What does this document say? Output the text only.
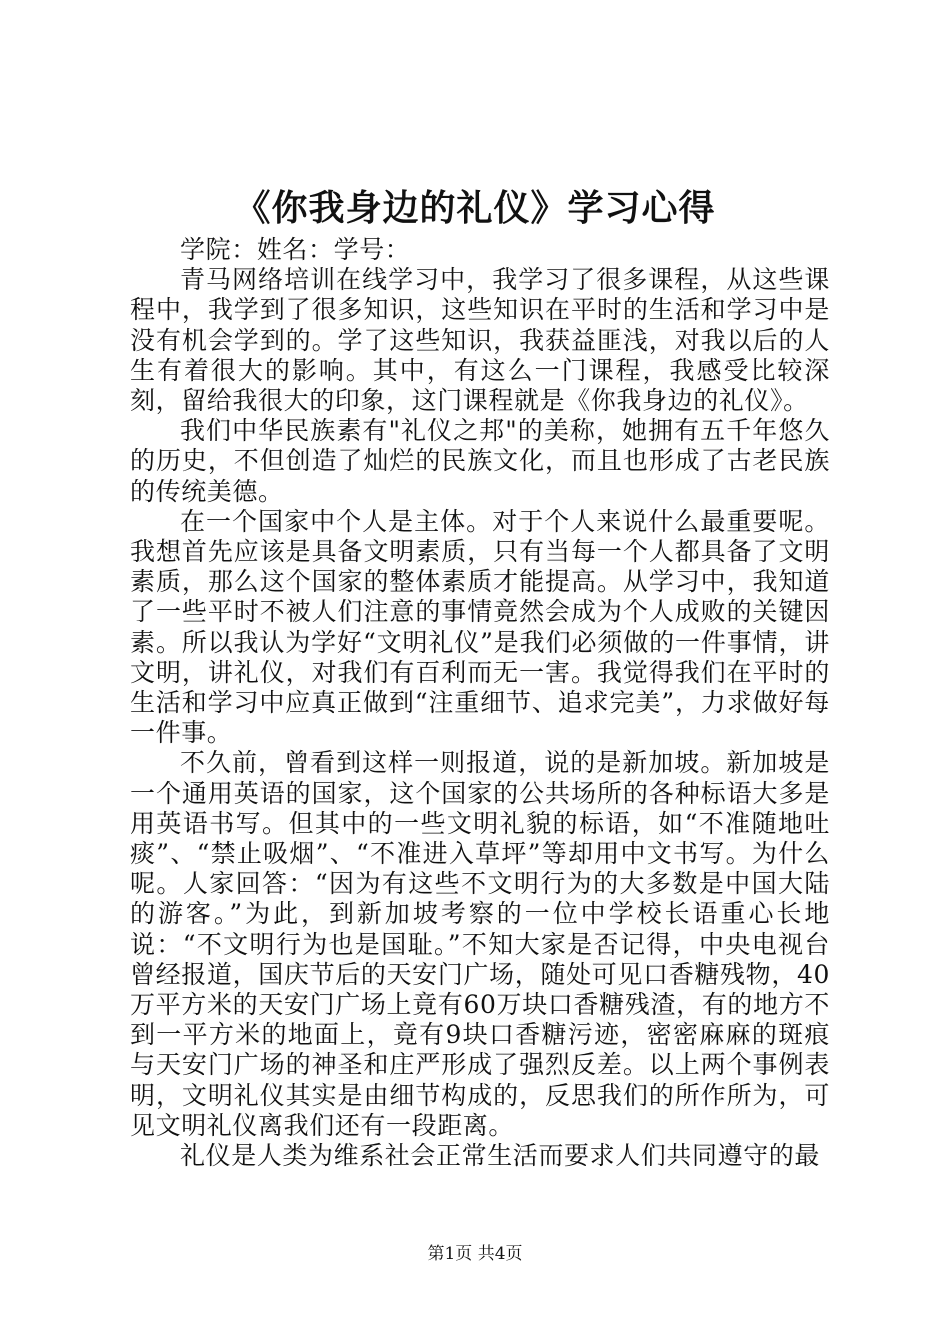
《你我身边的礼仪》学习心得

学院：姓名：学号：

青马网络培训在线学习中，我学习了很多课程，从这些课程中，我学到了很多知识，这些知识在平时的生活和学习中是没有机会学到的。学了这些知识，我获益匪浅，对我以后的人生有着很大的影响。其中，有这么一门课程，我感受比较深刻，留给我很大的印象，这门课程就是《你我身边的礼仪》。

我们中华民族素有"礼仪之邦"的美称，她拥有五千年悠久的历史，不但创造了灿烂的民族文化，而且也形成了古老民族的传统美德。

在一个国家中个人是主体。对于个人来说什么最重要呢。我想首先应该是具备文明素质，只有当每一个人都具备了文明素质，那么这个国家的整体素质才能提高。从学习中，我知道了一些平时不被人们注意的事情竟然会成为个人成败的关键因素。所以我认为学好“文明礼仪”是我们必须做的一件事情，讲文明，讲礼仪，对我们有百利而无一害。我觉得我们在平时的生活和学习中应真正做到“注重细节、追求完美”，力求做好每一件事。

不久前，曾看到这样一则报道，说的是新加坡。新加坡是一个通用英语的国家，这个国家的公共场所的各种标语大多是用英语书写。但其中的一些文明礼貌的标语，如“不准随地吐痰”、“禁止吸烟”、“不准进入草坪”等却用中文书写。为什么呢。人家回答：“因为有这些不文明行为的大多数是中国大陆的游客。”为此，到新加坡考察的一位中学校长语重心长地说：“不文明行为也是国耻。”不知大家是否记得，中央电视台曾经报道，国庆节后的天安门广场，随处可见口香糖残物，40万平方米的天安门广场上竟有60万块口香糖残渣，有的地方不到一平方米的地面上，竟有9块口香糖污迹，密密麻麻的斑痕与天安门广场的神圣和庄严形成了强烈反差。以上两个事例表明，文明礼仪其实是由细节构成的，反思我们的所作所为，可见文明礼仪离我们还有一段距离。

礼仪是人类为维系社会正常生活而要求人们共同遵守的最

第1页 共4页
